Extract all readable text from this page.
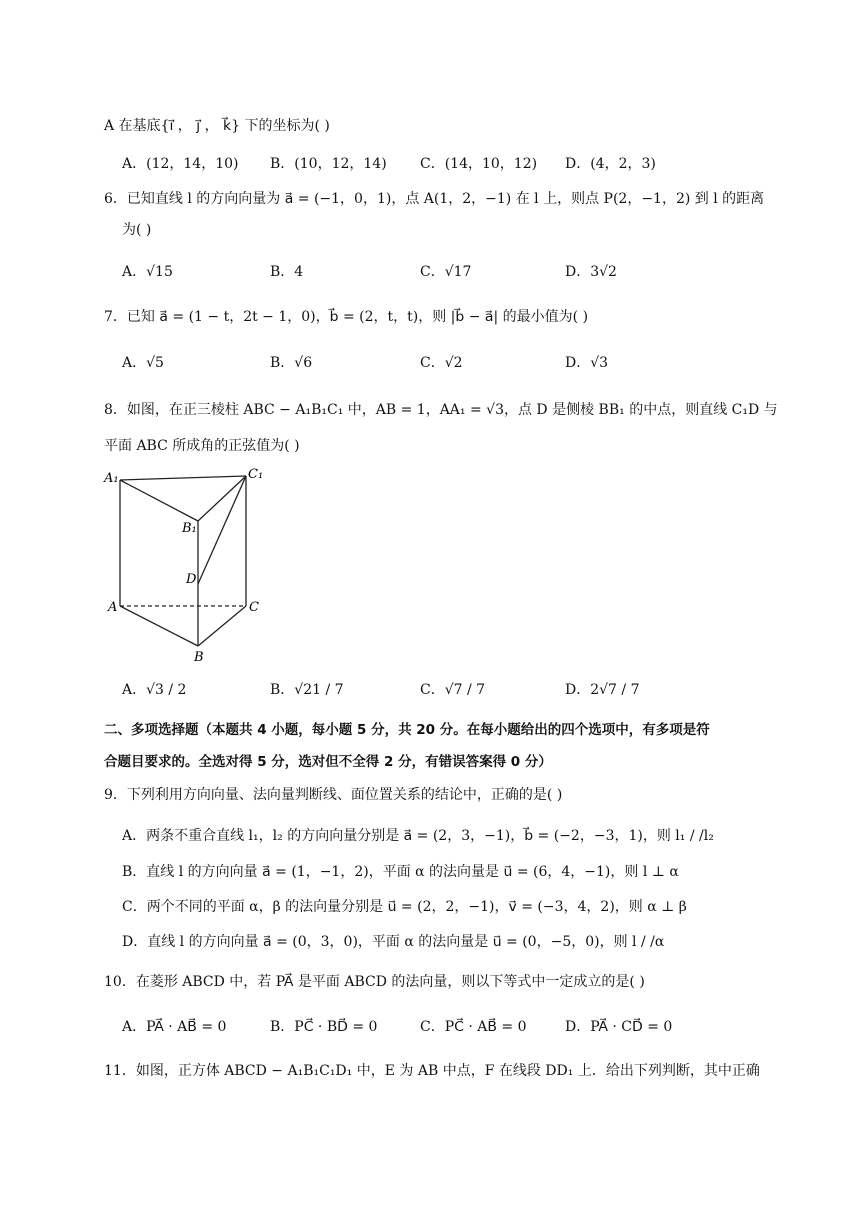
A 在基底{i⃗ ， j⃗ ， k⃗} 下的坐标为( )
A．(12，14，10) B．(10，12，14) C．(14，10，12) D．(4，2，3)
6．已知直线 l 的方向向量为 a⃗ = (−1，0，1)，点 A(1，2，−1) 在 l 上，则点 P(2，−1，2) 到 l 的距离
为( )
A．√15	B．4	C．√17	D．3√2
7．已知 a⃗ = (1 − t，2t − 1，0)，b⃗ = (2，t，t)，则 |b⃗ − a⃗| 的最小值为( )
A．√5	B．√6	C．√2	D．√3
8．如图，在正三棱柱 ABC − A₁B₁C₁ 中，AB = 1，AA₁ = √3，点 D 是侧棱 BB₁ 的中点，则直线 C₁D 与
平面 ABC 所成角的正弦值为( )
A₁	C₁
B₁
D
A	C
B
A．√3 / 2	B．√21 / 7	C．√7 / 7	D．2√7 / 7
二、多项选择题（本题共 4 小题，每小题 5 分，共 20 分。在每小题给出的四个选项中，有多项是符
合题目要求的。全选对得 5 分，选对但不全得 2 分，有错误答案得 0 分）
9．下列利用方向向量、法向量判断线、面位置关系的结论中，正确的是( )
A．两条不重合直线 l₁，l₂ 的方向向量分别是 a⃗ = (2，3，−1)，b⃗ = (−2，−3，1)，则 l₁ / /l₂
B．直线 l 的方向向量 a⃗ = (1，−1，2)，平面 α 的法向量是 u⃗ = (6，4，−1)，则 l ⊥ α
C．两个不同的平面 α，β 的法向量分别是 u⃗ = (2，2，−1)，v⃗ = (−3，4，2)，则 α ⊥ β
D．直线 l 的方向向量 a⃗ = (0，3，0)，平面 α 的法向量是 u⃗ = (0，−5，0)，则 l / /α
10．在菱形 ABCD 中，若 PA⃗ 是平面 ABCD 的法向量，则以下等式中一定成立的是( )
A．PA⃗ · AB⃗ = 0	B．PC⃗ · BD⃗ = 0	C．PC⃗ · AB⃗ = 0	D．PA⃗ · CD⃗ = 0
11．如图，正方体 ABCD − A₁B₁C₁D₁ 中，E 为 AB 中点，F 在线段 DD₁ 上．给出下列判断，其中正确
